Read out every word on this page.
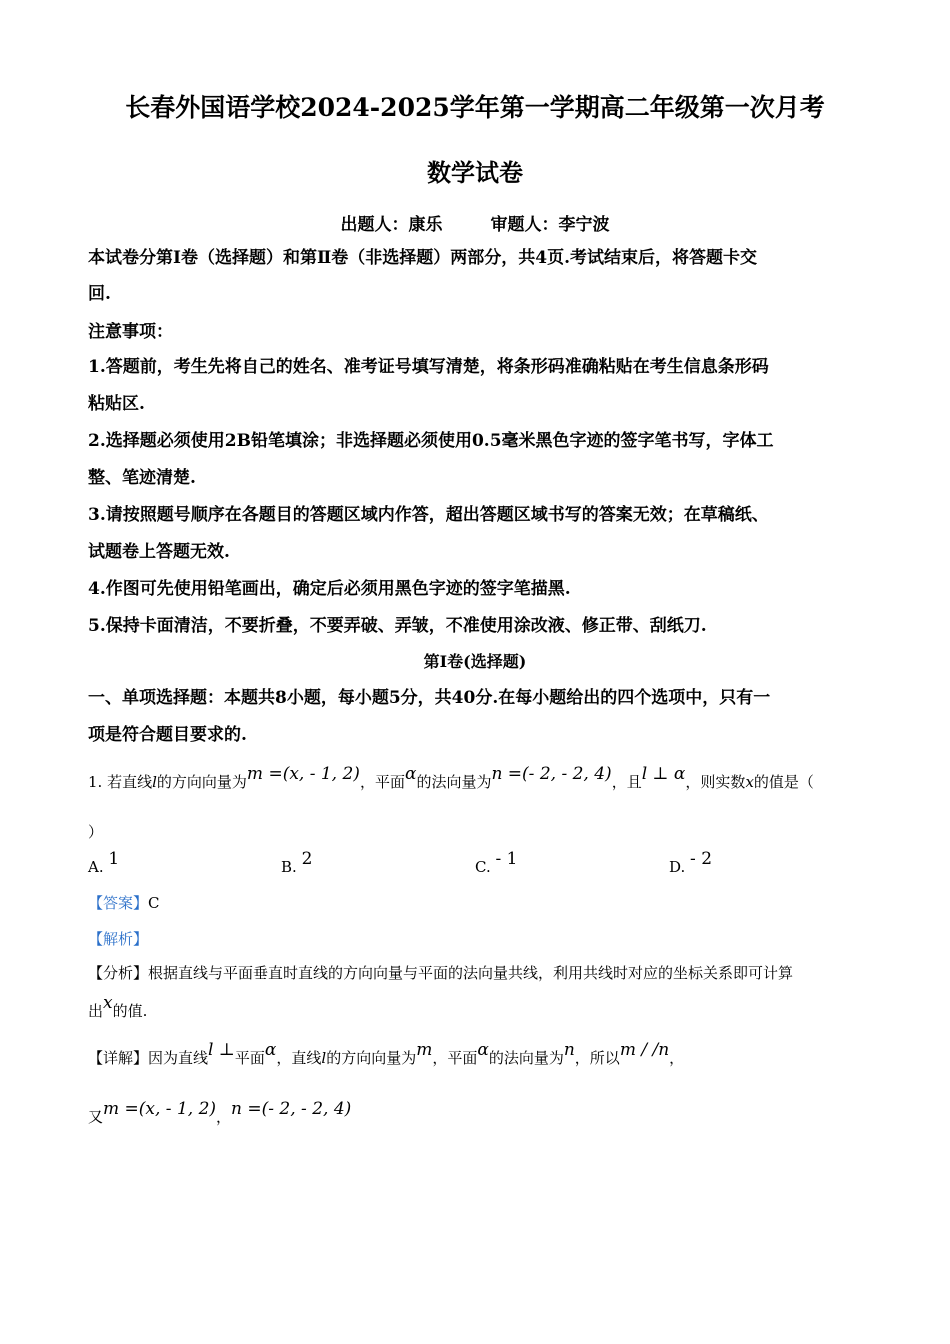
长春外国语学校2024-2025学年第一学期高二年级第一次月考
数学试卷
出题人：康乐	审题人：李宁波
本试卷分第Ⅰ卷（选择题）和第Ⅱ卷（非选择题）两部分，共4页.考试结束后，将答题卡交
回.
注意事项：
1.答题前，考生先将自己的姓名、准考证号填写清楚，将条形码准确粘贴在考生信息条形码
粘贴区.
2.选择题必须使用2B铅笔填涂；非选择题必须使用0.5毫米黑色字迹的签字笔书写，字体工
整、笔迹清楚.
3.请按照题号顺序在各题目的答题区域内作答，超出答题区域书写的答案无效；在草稿纸、
试题卷上答题无效.
4.作图可先使用铅笔画出，确定后必须用黑色字迹的签字笔描黑.
5.保持卡面清洁，不要折叠，不要弄破、弄皱，不准使用涂改液、修正带、刮纸刀.
第Ⅰ卷(选择题)
一、单项选择题：本题共8小题，每小题5分，共40分.在每小题给出的四个选项中，只有一
项是符合题目要求的.
1. 若直线l的方向向量为m =(x, - 1, 2)，平面α的法向量为n =(- 2, - 2, 4)，且l ⊥ α，则实数x的值是（
）
A. 1	B. 2	C. - 1	D. - 2
【答案】C
【解析】
【分析】根据直线与平面垂直时直线的方向向量与平面的法向量共线，利用共线时对应的坐标关系即可计算
出x的值.
【详解】因为直线l ⊥平面α，直线l的方向向量为m，平面α的法向量为n，所以m / /n，
又m =(x, - 1, 2)，n =(- 2, - 2, 4)
